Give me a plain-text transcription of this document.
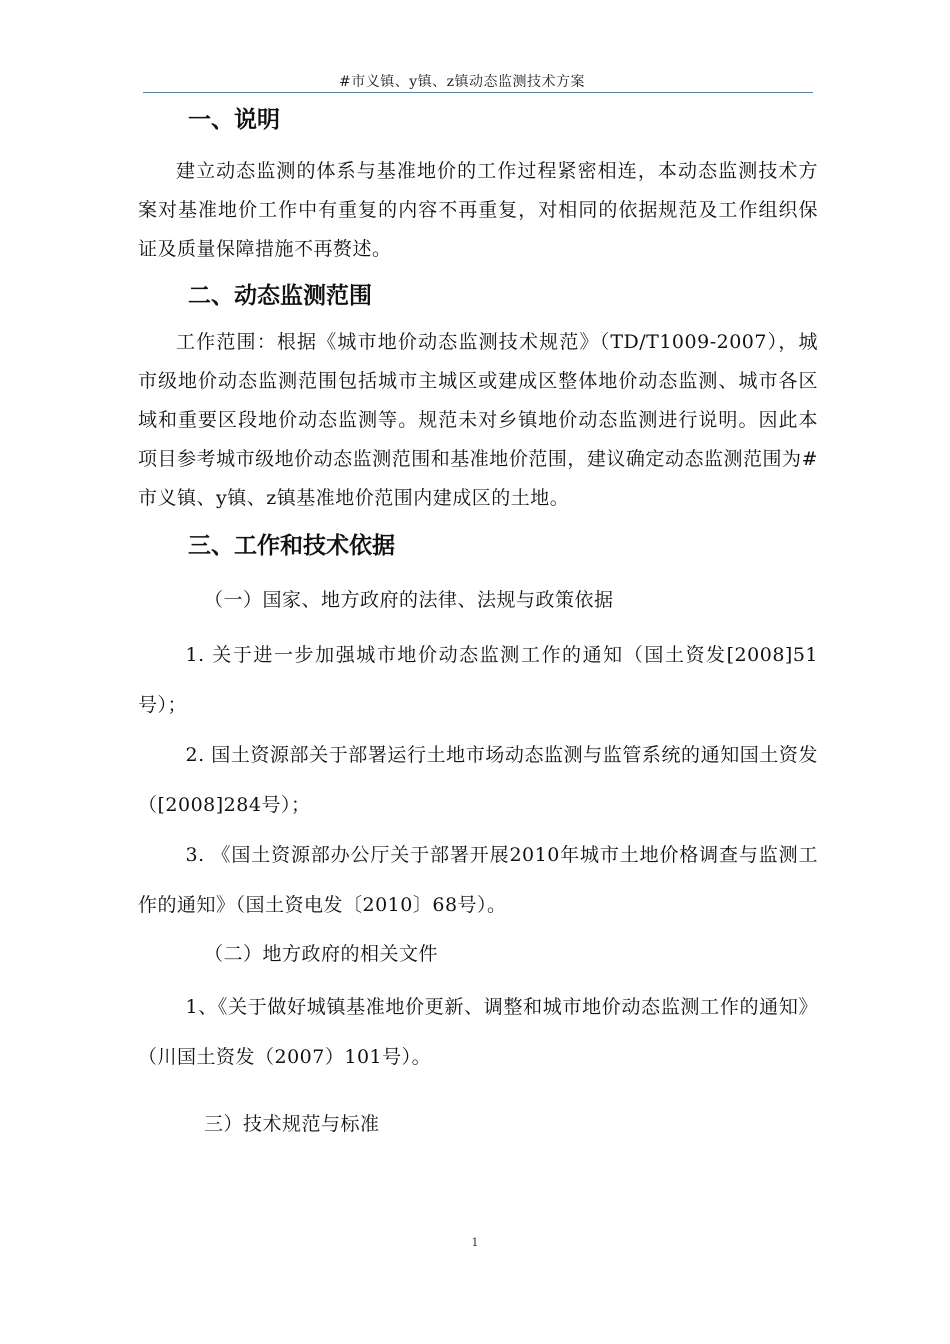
#市义镇、y镇、z镇动态监测技术方案
一、说明

建立动态监测的体系与基准地价的工作过程紧密相连，本动态监测技术方案对基准地价工作中有重复的内容不再重复，对相同的依据规范及工作组织保证及质量保障措施不再赘述。

二、动态监测范围

工作范围：根据《城市地价动态监测技术规范》（TD/T1009-2007），城市级地价动态监测范围包括城市主城区或建成区整体地价动态监测、城市各区域和重要区段地价动态监测等。规范未对乡镇地价动态监测进行说明。因此本项目参考城市级地价动态监测范围和基准地价范围，建议确定动态监测范围为#市义镇、y镇、z镇基准地价范围内建成区的土地。

三、工作和技术依据

（一）国家、地方政府的法律、法规与政策依据

1. 关于进一步加强城市地价动态监测工作的通知（国土资发[2008]51号）；

2. 国土资源部关于部署运行土地市场动态监测与监管系统的通知国土资发（[2008]284号）；

3. 《国土资源部办公厅关于部署开展2010年城市土地价格调查与监测工作的通知》（国土资电发〔2010〕68号）。

（二）地方政府的相关文件

1、《关于做好城镇基准地价更新、调整和城市地价动态监测工作的通知》（川国土资发（2007）101号）。

三）技术规范与标准

1
